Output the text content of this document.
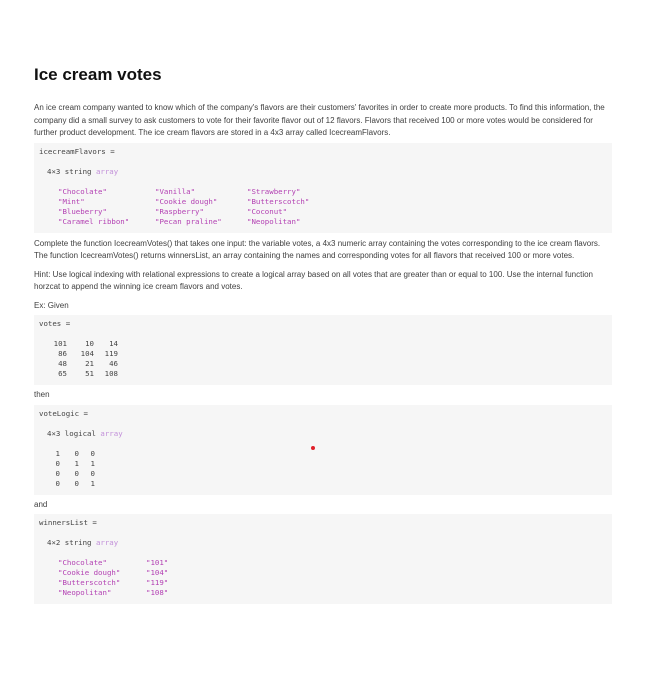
Ice cream votes

An ice cream company wanted to know which of the company's flavors are their customers' favorites in order to create more products. To find this information, the company did a small survey to ask customers to vote for their favorite flavor out of 12 flavors. Flavors that received 100 or more votes would be considered for further product development. The ice cream flavors are stored in a 4x3 array called IcecreamFlavors.

icecreamFlavors =
4×3 string array
"Chocolate"	"Vanilla"	"Strawberry"
"Mint"	"Cookie dough"	"Butterscotch"
"Blueberry"	"Raspberry"	"Coconut"
"Caramel ribbon"	"Pecan praline"	"Neopolitan"

Complete the function IcecreamVotes() that takes one input: the variable votes, a 4x3 numeric array containing the votes corresponding to the ice cream flavors. The function IcecreamVotes() returns winnersList, an array containing the names and corresponding votes for all flavors that received 100 or more votes.

Hint: Use logical indexing with relational expressions to create a logical array based on all votes that are greater than or equal to 100. Use the internal function horzcat to append the winning ice cream flavors and votes.

Ex: Given

votes =
101	10	14
86	104	119
48	21	46
65	51	108

then

voteLogic =
4×3 logical array
1	0	0
0	1	1
0	0	0
0	0	1

and

winnersList =
4×2 string array
"Chocolate"	"101"
"Cookie dough"	"104"
"Butterscotch"	"119"
"Neopolitan"	"108"
